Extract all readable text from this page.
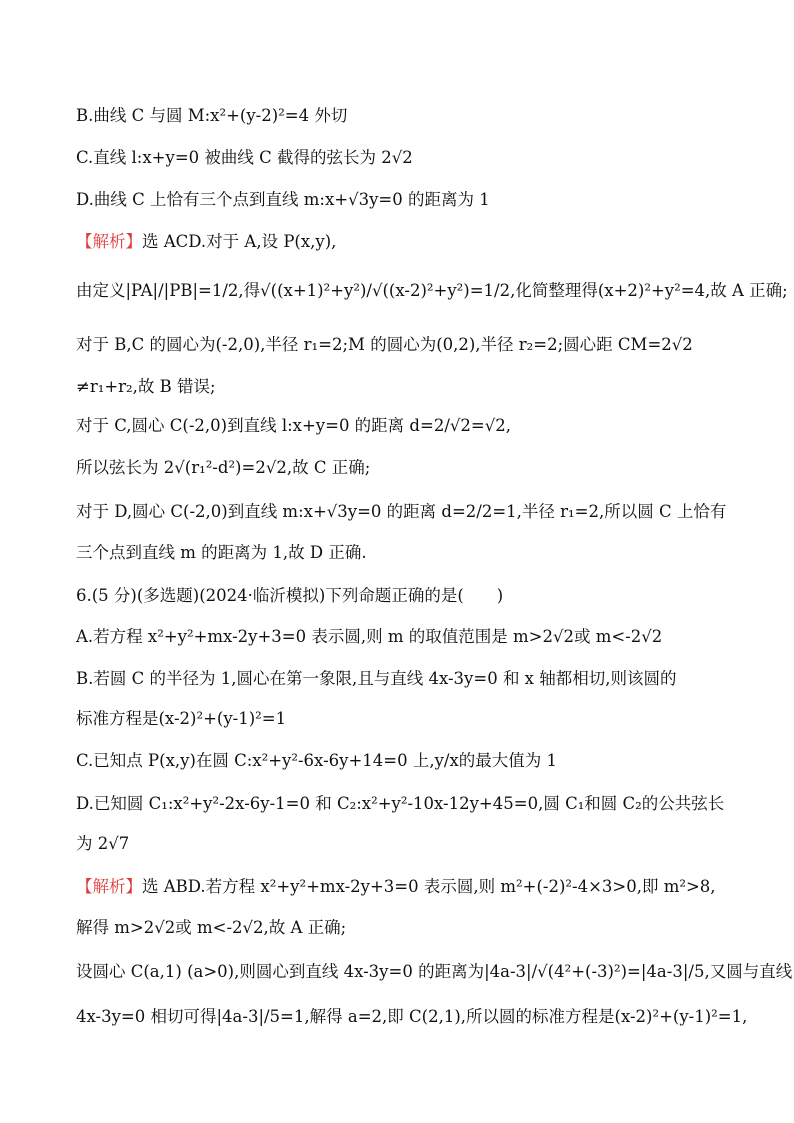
B.曲线 C 与圆 M:x²+(y-2)²=4 外切
C.直线 l:x+y=0 被曲线 C 截得的弦长为 2√2
D.曲线 C 上恰有三个点到直线 m:x+√3y=0 的距离为 1
【解析】选 ACD.对于 A,设 P(x,y),
由定义|PA|/|PB|=1/2,得√((x+1)²+y²)/√((x-2)²+y²)=1/2,化简整理得(x+2)²+y²=4,故 A 正确;
对于 B,C 的圆心为(-2,0),半径 r₁=2;M 的圆心为(0,2),半径 r₂=2;圆心距 CM=2√2
≠r₁+r₂,故 B 错误;
对于 C,圆心 C(-2,0)到直线 l:x+y=0 的距离 d=2/√2=√2,
所以弦长为 2√(r₁²-d²)=2√2,故 C 正确;
对于 D,圆心 C(-2,0)到直线 m:x+√3y=0 的距离 d=2/2=1,半径 r₁=2,所以圆 C 上恰有
三个点到直线 m 的距离为 1,故 D 正确.
6.(5 分)(多选题)(2024·临沂模拟)下列命题正确的是(　　)
A.若方程 x²+y²+mx-2y+3=0 表示圆,则 m 的取值范围是 m>2√2或 m<-2√2
B.若圆 C 的半径为 1,圆心在第一象限,且与直线 4x-3y=0 和 x 轴都相切,则该圆的
标准方程是(x-2)²+(y-1)²=1
C.已知点 P(x,y)在圆 C:x²+y²-6x-6y+14=0 上,y/x的最大值为 1
D.已知圆 C₁:x²+y²-2x-6y-1=0 和 C₂:x²+y²-10x-12y+45=0,圆 C₁和圆 C₂的公共弦长
为 2√7
【解析】选 ABD.若方程 x²+y²+mx-2y+3=0 表示圆,则 m²+(-2)²-4×3>0,即 m²>8,
解得 m>2√2或 m<-2√2,故 A 正确;
设圆心 C(a,1) (a>0),则圆心到直线 4x-3y=0 的距离为|4a-3|/√(4²+(-3)²)=|4a-3|/5,又圆与直线
4x-3y=0 相切可得|4a-3|/5=1,解得 a=2,即 C(2,1),所以圆的标准方程是(x-2)²+(y-1)²=1,
